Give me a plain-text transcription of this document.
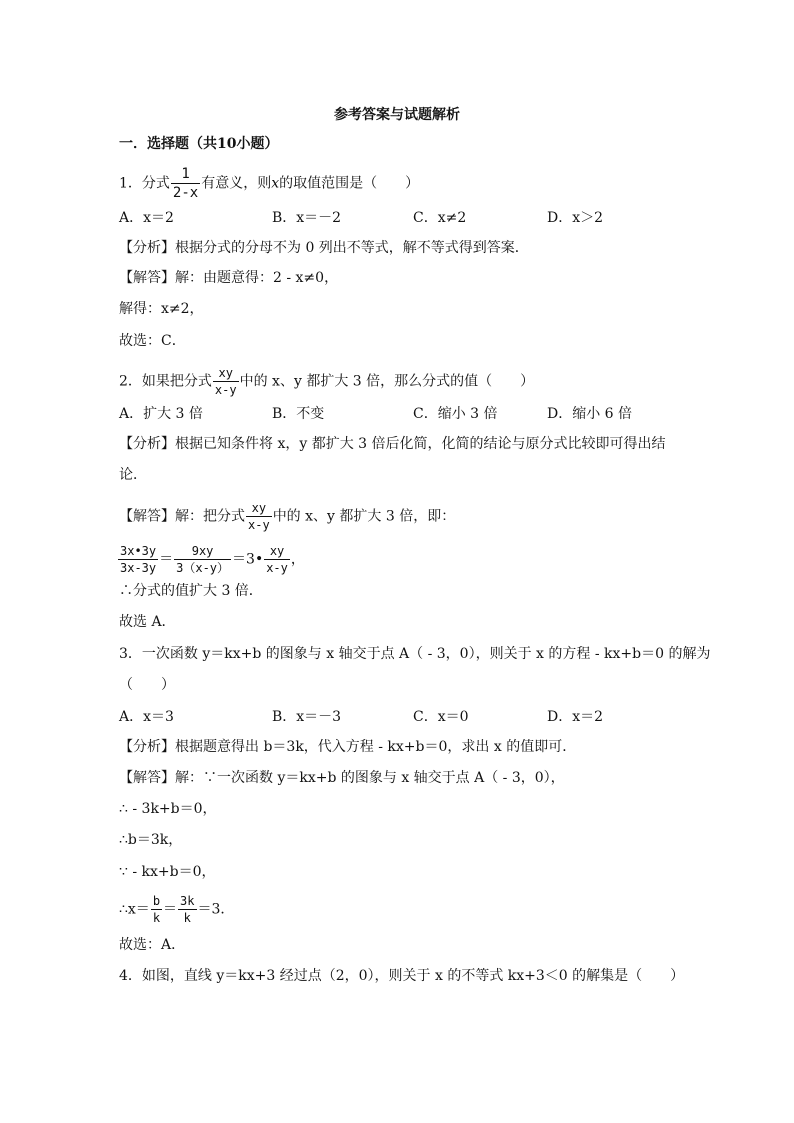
参考答案与试题解析
一．选择题（共10小题）
1．分式 $\frac{1}{2-x}$ 有意义，则x的取值范围是（　　）
A．x＝2	B．x＝－2	C．x≠2	D．x＞2
【分析】根据分式的分母不为 0 列出不等式，解不等式得到答案．
【解答】解：由题意得：2 - x≠0，
解得：x≠2，
故选：C．
2．如果把分式 $\frac{xy}{x-y}$ 中的 x、y 都扩大 3 倍，那么分式的值（　　）
A．扩大 3 倍	B．不变	C．缩小 3 倍	D．缩小 6 倍
【分析】根据已知条件将 x，y 都扩大 3 倍后化简，化简的结论与原分式比较即可得出结
论．
【解答】解：把分式 $\frac{xy}{x-y}$ 中的 x、y 都扩大 3 倍，即：
$\frac{3x•3y}{3x-3y} = \frac{9xy}{3(x-y)}$ ＝3• $\frac{xy}{x-y}$ ，
∴分式的值扩大 3 倍．
故选 A．
3．一次函数 y＝kx+b 的图象与 x 轴交于点 A（ - 3，0），则关于 x 的方程 - kx+b＝0 的解为
（　　）
A．x＝3	B．x＝－3	C．x＝0	D．x＝2
【分析】根据题意得出 b＝3k，代入方程 - kx+b＝0，求出 x 的值即可．
【解答】解：∵一次函数 y＝kx+b 的图象与 x 轴交于点 A（ - 3，0），
∴ - 3k+b＝0，
∴b＝3k，
∵ - kx+b＝0，
∴x＝ $\frac{b}{k} = \frac{3k}{k} =3$．
故选：A．
4．如图，直线 y＝kx+3 经过点（2，0），则关于 x 的不等式 kx+3＜0 的解集是（　　）
